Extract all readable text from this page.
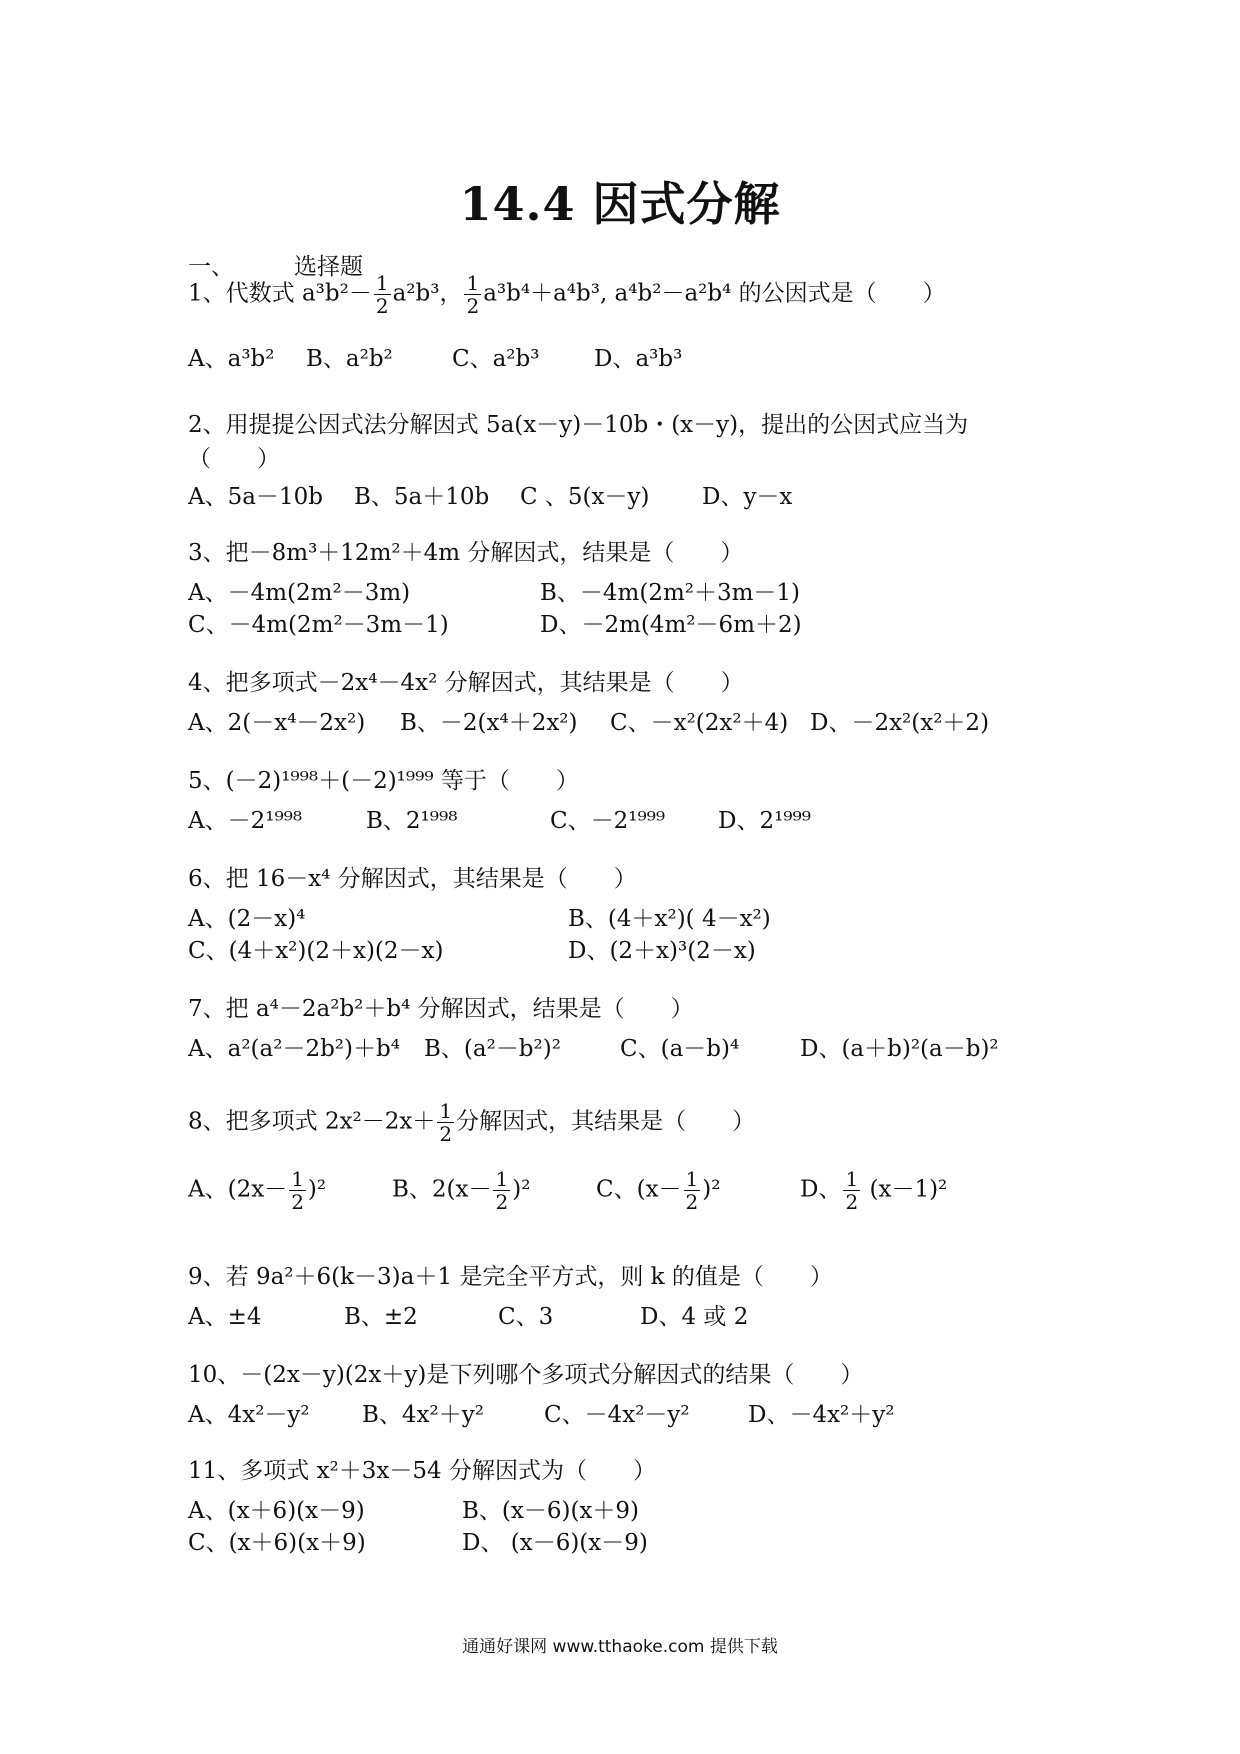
14.4 因式分解
一、	选择题
1、代数式 $a^3b^2- \frac{1}{2} a^2b^3$， $\frac{1}{2} a^3b^4+a^4b^3$, a⁴b²－a²b⁴ 的公因式是（　　）
A、a³b² B、a²b²	C、a²b³ D、a³b³
2、用提提公因式法分解因式 5a(x－y)－10b・(x－y)，提出的公因式应当为
（　　）
A、5a－10b B、5a＋10b C 、5(x－y) D、y－x
3、把－8m³＋12m²＋4m 分解因式，结果是（　　）
A、－4m(2m²－3m)	B、－4m(2m²＋3m－1)
C、－4m(2m²－3m－1)	D、－2m(4m²－6m＋2)
4、把多项式－2x⁴－4x² 分解因式，其结果是（　　）
A、2(－x⁴－2x²) B、－2(x⁴＋2x²) C、－x²(2x²＋4) D、－2x²(x²＋2)
5、(－2)¹⁹⁹⁸＋(－2)¹⁹⁹⁹ 等于（　　）
A、－2¹⁹⁹⁸	B、2¹⁹⁹⁸	C、－2¹⁹⁹⁹ D、2¹⁹⁹⁹
6、把 16－x⁴ 分解因式，其结果是（　　）
A、(2－x)⁴	B、(4＋x²)( 4－x²)
C、(4＋x²)(2＋x)(2－x)	D、(2＋x)³(2－x)
7、把 a⁴－2a²b²＋b⁴ 分解因式，结果是（　　）
A、a²(a²－2b²)＋b⁴ B、(a²－b²)²	C、(a－b)⁴	D、(a＋b)²(a－b)²
8、把多项式 $2x^2-2x+ \frac{1}{2}$ 分解因式，其结果是（　　）
A、$(2x- \frac{1}{2} )^2$	B、$2(x- \frac{1}{2} )^2$	C、$(x- \frac{1}{2} )^2$	D、 $\frac{1}{2} (x-1)^2$
9、若 9a²＋6(k－3)a＋1 是完全平方式，则 k 的值是（　　）
A、±4	B、±2	C、3	D、4 或 2
10、－(2x－y)(2x＋y)是下列哪个多项式分解因式的结果（　　）
A、4x²－y² B、4x²＋y²	C、－4x²－y²	D、－4x²＋y²
11、多项式 x²＋3x－54 分解因式为（　　）
A、(x＋6)(x－9)	B、(x－6)(x＋9)
C、(x＋6)(x＋9)	D、 (x－6)(x－9)
通通好课网 www.tthaoke.com 提供下载
